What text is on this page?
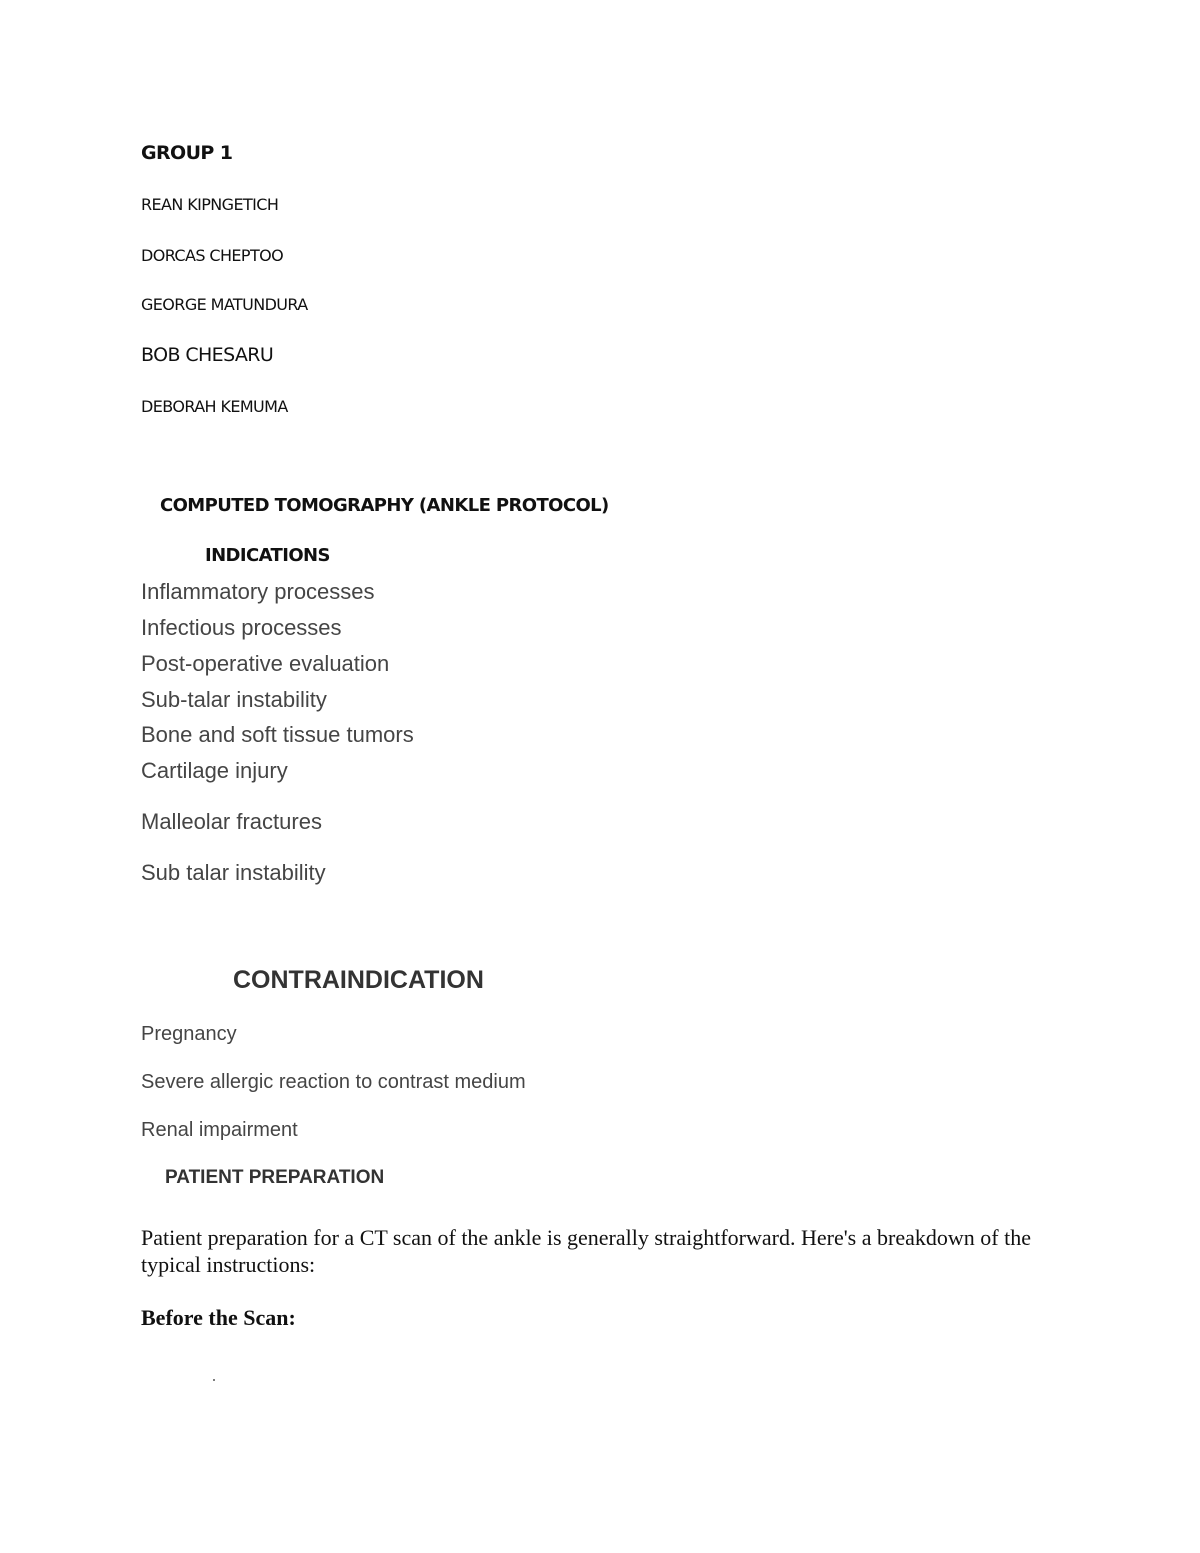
GROUP 1

REAN KIPNGETICH

DORCAS CHEPTOO

GEORGE MATUNDURA

BOB CHESARU

DEBORAH KEMUMA

COMPUTED TOMOGRAPHY (ANKLE PROTOCOL)

INDICATIONS

Inflammatory processes

Infectious processes

Post-operative evaluation

Sub-talar instability

Bone and soft tissue tumors

Cartilage injury

Malleolar fractures

Sub talar instability

CONTRAINDICATION

Pregnancy

Severe allergic reaction to contrast medium

Renal impairment

PATIENT PREPARATION

Patient preparation for a CT scan of the ankle is generally straightforward. Here's a breakdown of the typical instructions:

Before the Scan:
